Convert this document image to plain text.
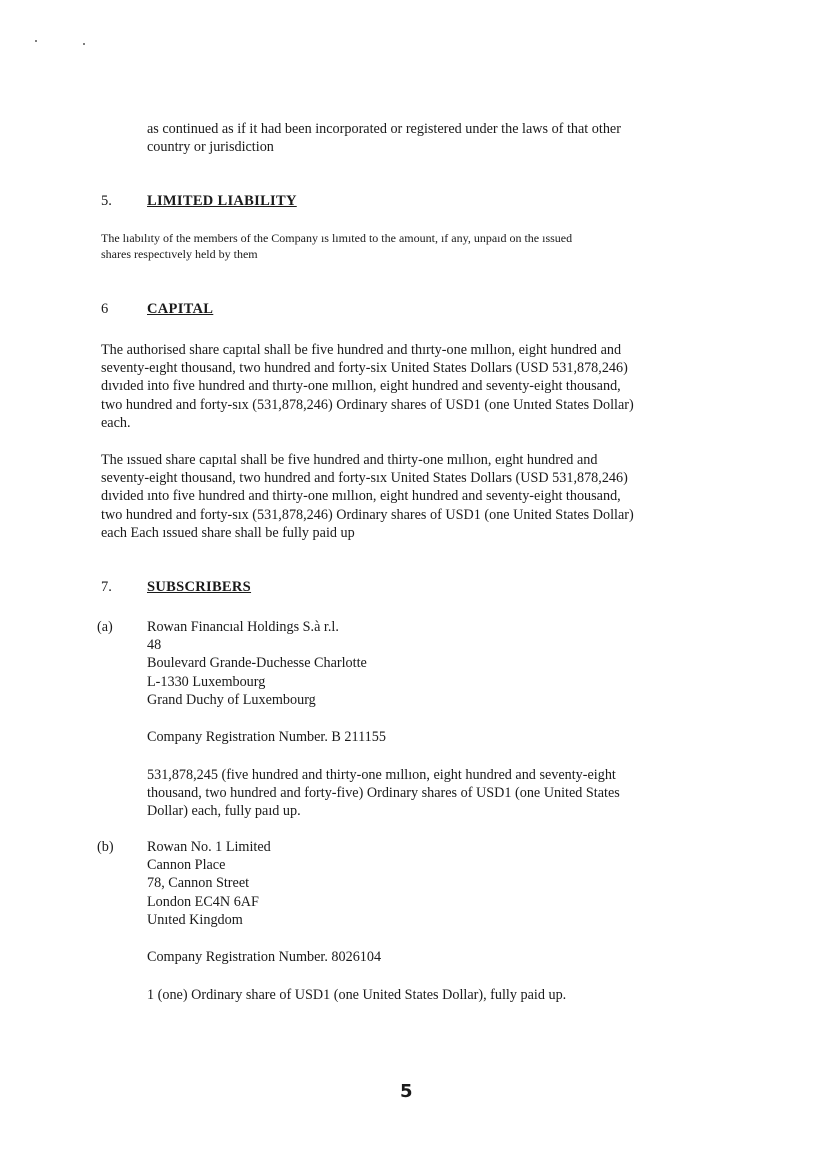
as continued as if it had been incorporated or registered under the laws of that other
country or jurisdiction
5. LIMITED LIABILITY
The lıabılıty of the members of the Company ıs lımıted to the amount, ıf any, unpaıd on the ıssued
shares respectıvely held by them
6	CAPITAL
The authorised share capıtal shall be five hundred and thırty-one mıllıon, eight hundred and
seventy-eıght thousand, two hundred and forty-six United States Dollars (USD 531,878,246)
dıvıded into five hundred and thırty-one mıllıon, eight hundred and seventy-eight thousand,
two hundred and forty-sıx (531,878,246) Ordinary shares of USD1 (one Unıted States Dollar)
each.
The ıssued share capıtal shall be five hundred and thirty-one mıllıon, eıght hundred and
seventy-eight thousand, two hundred and forty-sıx United States Dollars (USD 531,878,246)
dıvided ınto five hundred and thirty-one mıllıon, eight hundred and seventy-eight thousand,
two hundred and forty-sıx (531,878,246) Ordinary shares of USD1 (one United States Dollar)
each Each ıssued share shall be fully paid up
7. SUBSCRIBERS
(a) Rowan Financıal Holdings S.à r.l.
48
Boulevard Grande-Duchesse Charlotte
L-1330 Luxembourg
Grand Duchy of Luxembourg
Company Registration Number. B 211155
531,878,245 (five hundred and thirty-one mıllıon, eight hundred and seventy-eight
thousand, two hundred and forty-five) Ordinary shares of USD1 (one United States
Dollar) each, fully paıd up.
(b) Rowan No. 1 Limited
Cannon Place
78, Cannon Street
London EC4N 6AF
Unıted Kingdom
Company Registration Number. 8026104
1 (one) Ordinary share of USD1 (one United States Dollar), fully paid up.
5
